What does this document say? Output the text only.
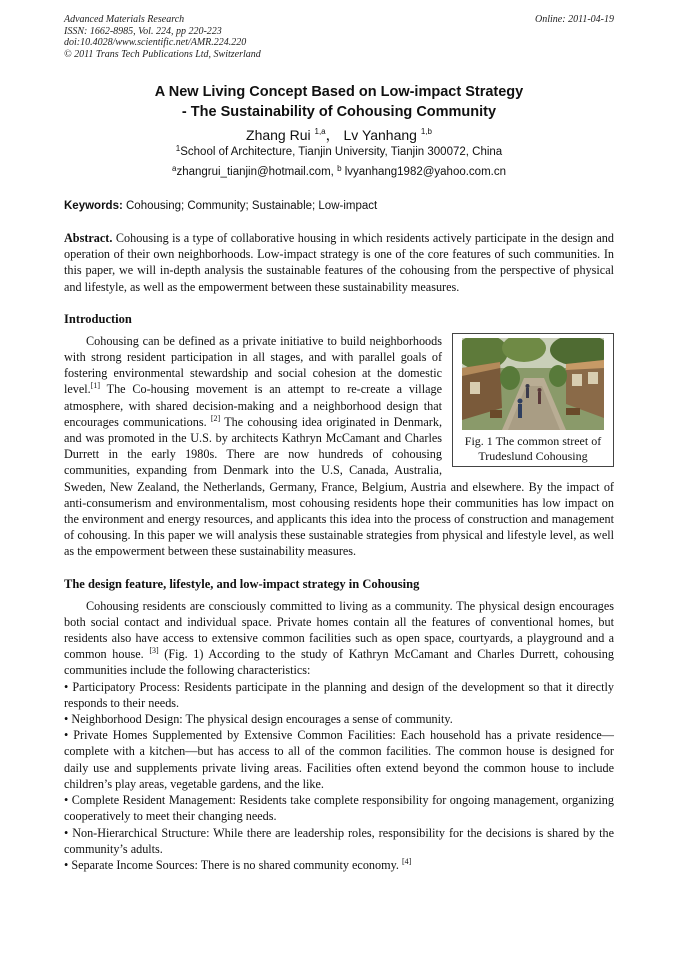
Advanced Materials Research
ISSN: 1662-8985, Vol. 224, pp 220-223
doi:10.4028/www.scientific.net/AMR.224.220
© 2011 Trans Tech Publications Ltd, Switzerland
Online: 2011-04-19
A New Living Concept Based on Low-impact Strategy
- The Sustainability of Cohousing Community
Zhang Rui $^{1,a}$， Lv Yanhang $^{1,b}$
$^1$School of Architecture, Tianjin University, Tianjin 300072, China
$^a$zhangrui_tianjin@hotmail.com, $^b$ lvyanhang1982@yahoo.com.cn
Keywords: Cohousing; Community; Sustainable; Low-impact

Abstract. Cohousing is a type of collaborative housing in which residents actively participate in the design and operation of their own neighborhoods. Low-impact strategy is one of the core features of such communities. In this paper, we will in-depth analysis the sustainable features of the cohousing from the perspective of physical and lifestyle, as well as the empowerment between these sustainability measures.

Introduction
Fig. 1 The common street of Trudeslund Cohousing

Cohousing can be defined as a private initiative to build neighborhoods with strong resident participation in all stages, and with parallel goals of fostering environmental stewardship and social cohesion at the domestic level.[1] The Co-housing movement is an attempt to re-create a village atmosphere, with shared decision-making and a neighborhood design that encourages communications. [2] The cohousing idea originated in Denmark, and was promoted in the U.S. by architects Kathryn McCamant and Charles Durrett in the early 1980s. There are now hundreds of cohousing communities, expanding from Denmark into the U.S, Canada, Australia, Sweden, New Zealand, the Netherlands, Germany, France, Belgium, Austria and elsewhere. By the impact of anti-consumerism and environmentalism, most cohousing residents hope their communities has low impact on the environment and energy resources, and applicants this idea into the process of construction and management of cohousing. In this paper we will analysis these sustainable strategies from physical and lifestyle level, as well as the empowerment between these sustainability measures.

The design feature, lifestyle, and low-impact strategy in Cohousing

Cohousing residents are consciously committed to living as a community. The physical design encourages both social contact and individual space. Private homes contain all the features of conventional homes, but residents also have access to extensive common facilities such as open space, courtyards, a playground and a common house. [3] (Fig. 1) According to the study of Kathryn McCamant and Charles Durrett, cohousing communities include the following characteristics:

• Participatory Process: Residents participate in the planning and design of the development so that it directly responds to their needs.

• Neighborhood Design: The physical design encourages a sense of community.

• Private Homes Supplemented by Extensive Common Facilities: Each household has a private residence—complete with a kitchen—but has access to all of the common facilities. The common house is designed for daily use and supplements private living areas. Facilities often extend beyond the common house to include children’s play areas, vegetable gardens, and the like.

• Complete Resident Management: Residents take complete responsibility for ongoing management, organizing cooperatively to meet their changing needs.

• Non-Hierarchical Structure: While there are leadership roles, responsibility for the decisions is shared by the community’s adults.

• Separate Income Sources: There is no shared community economy. [4]
